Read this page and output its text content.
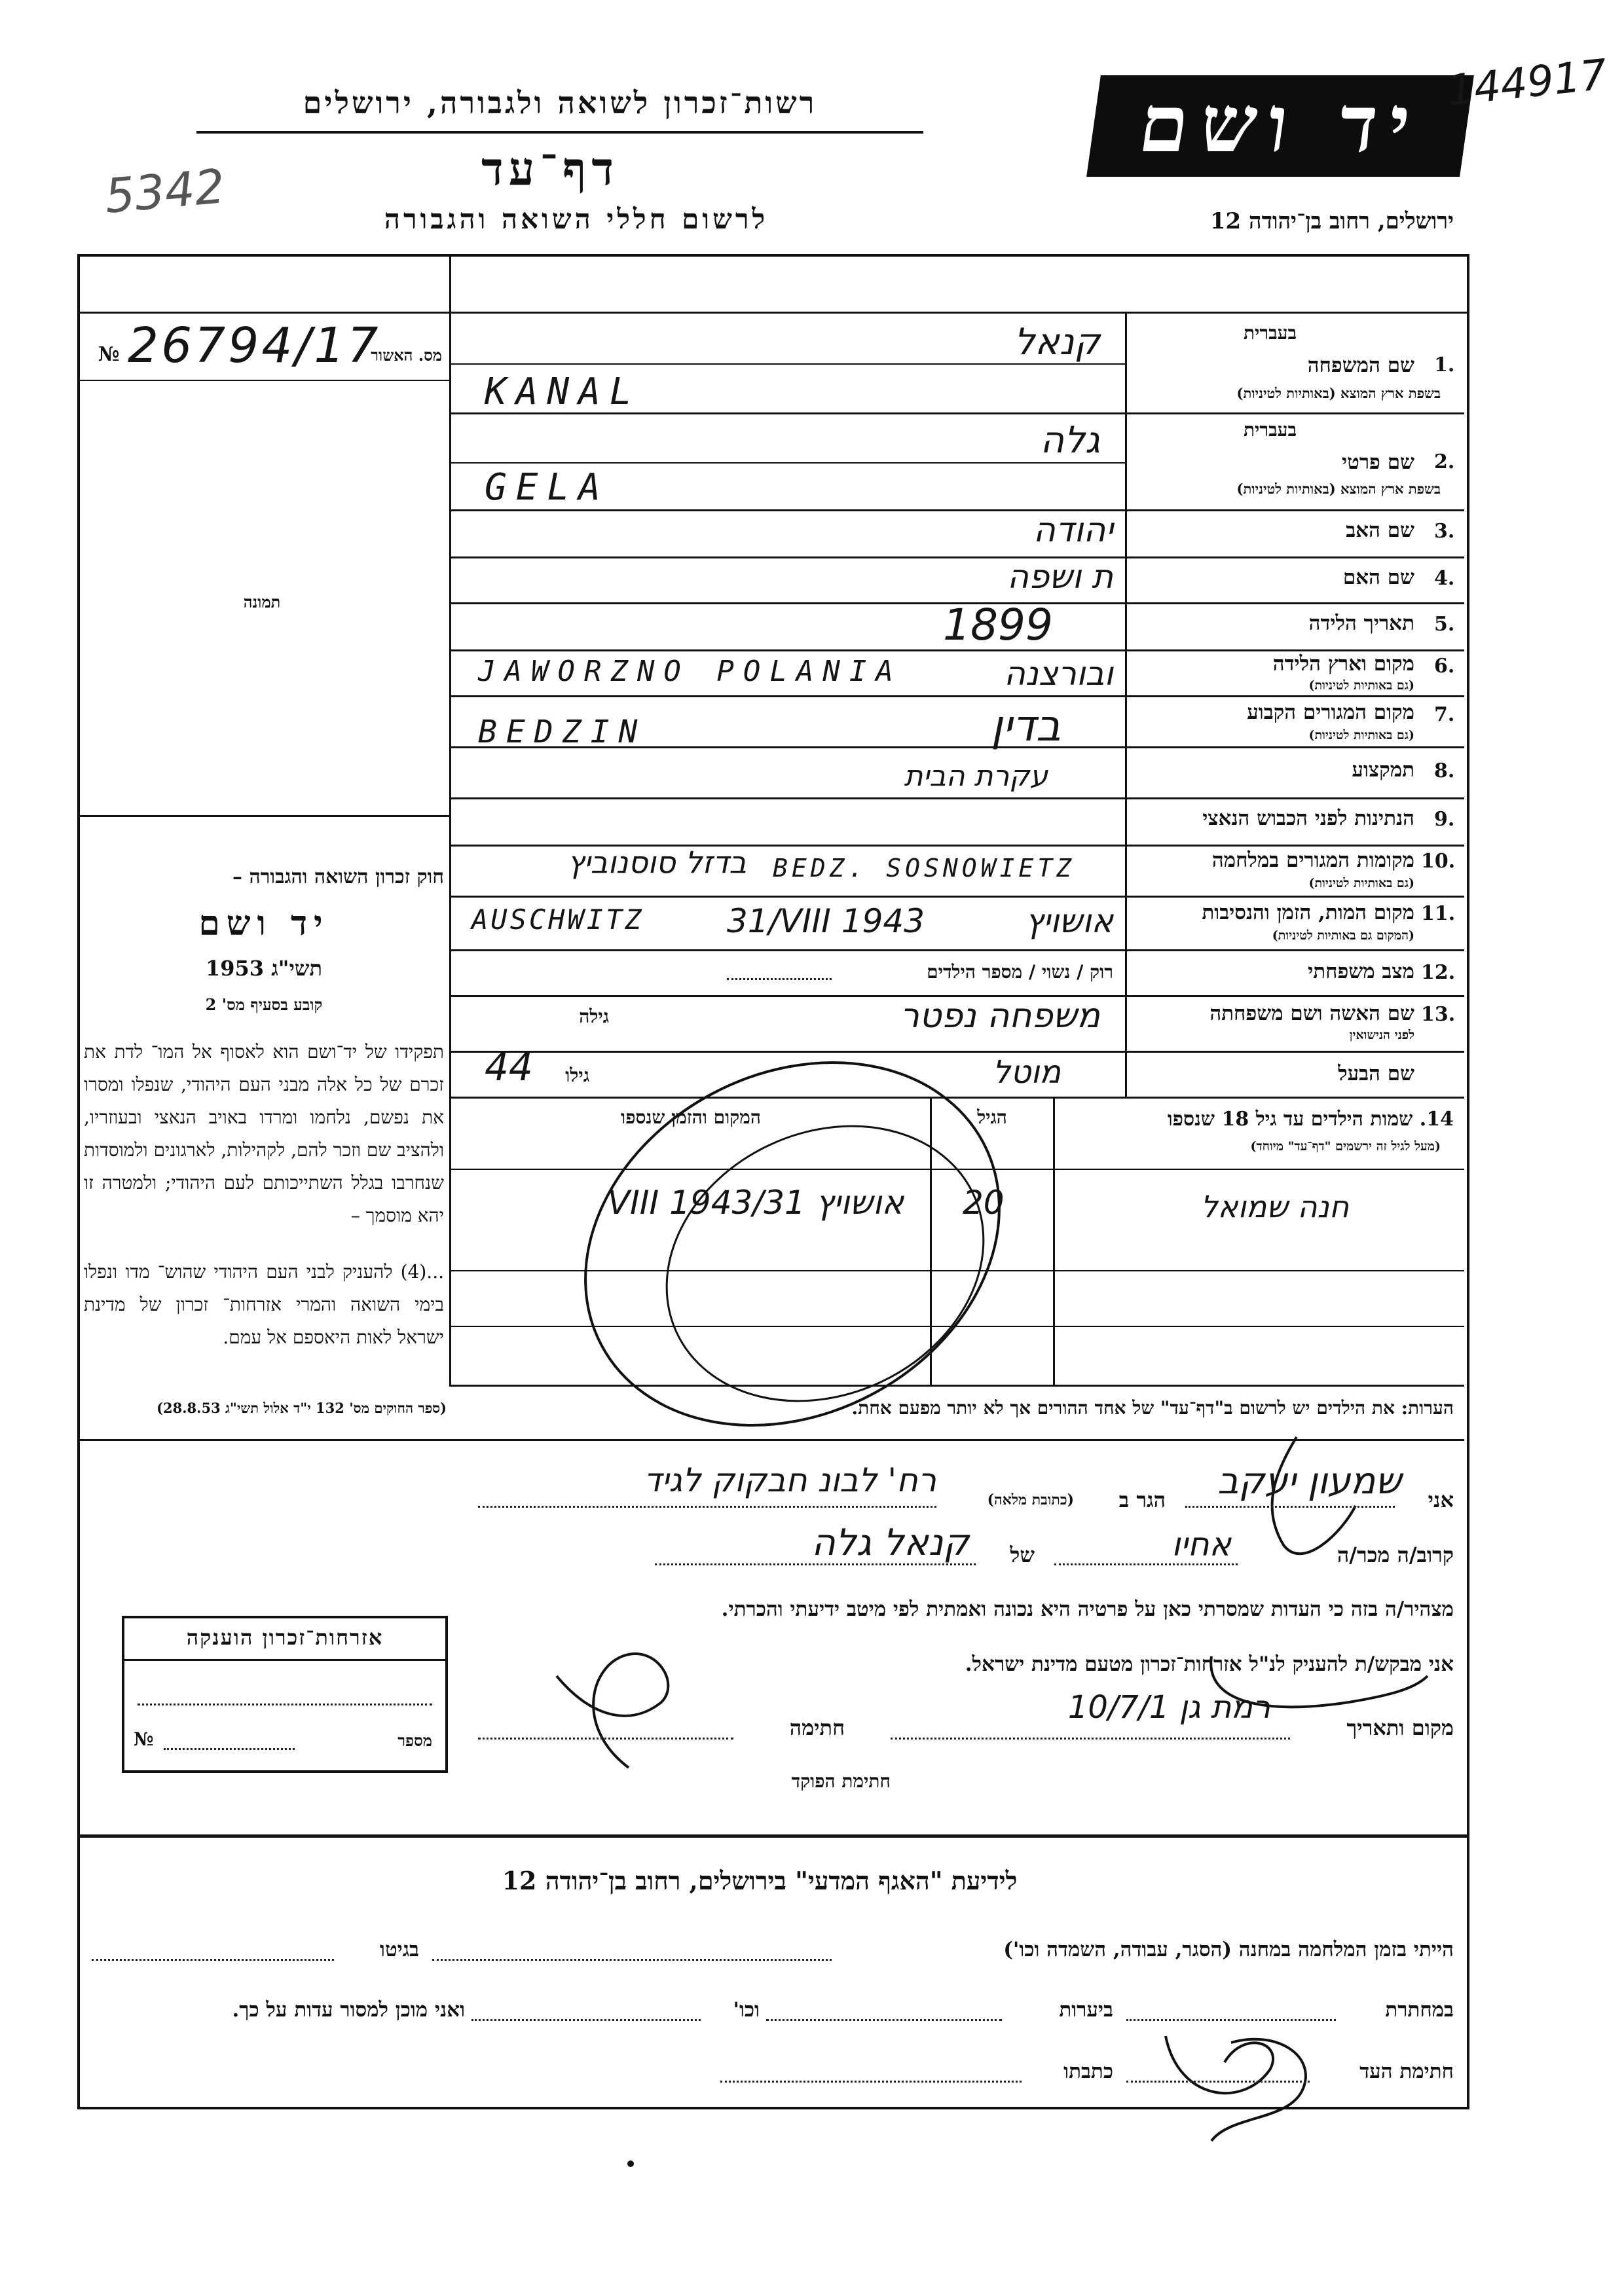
רשות־זכרון לשואה ולגבורה, ירושלים
דף־עד
לרשום חללי השואה והגבורה
יד ושם
ירושלים, רחוב בן־יהודה 12
144917
5342
מס. האשור
№ 26794/17
תמונה
חוק זכרון השואה והגבורה –
יד ושם
תשי"ג 1953
קובע בסעיף מס' 2
תפקידו של יד־ושם הוא לאסוף אל המו־ לדת את זכרם של כל אלה מבני העם היהודי, שנפלו ומסרו את נפשם, נלחמו ומרדו באויב הנאצי ובעוזריו, ולהציב שם וזכר להם, לקהילות, לארגונים ולמוסדות שנחרבו בגלל השתייכותם לעם היהודי; ולמטרה זו יהא מוסמך –
...(4) להעניק לבני העם היהודי שהוש־ מדו ונפלו בימי השואה והמרי אזרחות־ זכרון של מדינת ישראל לאות היאספם אל עמם.
(ספר החוקים מס' 132 י"ד אלול תשי"ג 28.8.53)
בעברית
שם המשפחה 1.
בשפת ארץ המוצא (באותיות לטיניות)
קנאל
KANAL
בעברית
שם פרטי 2.
בשפת ארץ המוצא (באותיות לטיניות)
גלה
GELA
שם האב 3.
יהודה
שם האם 4.
ת ושפה
תאריך הלידה 5.
1899
מקום וארץ הלידה 6.
(גם באותיות לטיניות)
JAWORZNO POLANIA	ובורצנה
מקום המגורים הקבוע 7.
(גם באותיות לטיניות)
BEDZIN	בדין
תמקצוע 8.
עקרת הבית
הנתינות לפני הכבוש הנאצי 9.
מקומות המגורים במלחמה 10.
(גם באותיות לטיניות)
בדזל סוסנוביץ BEDZ. SOSNOWIETZ
מקום המות, הזמן והנסיבות 11.
(המקום גם באותיות לטיניות)
AUSCHWITZ	31/VIII 1943	אושויץ
מצב משפחתי 12.
רוק / נשוי / מספר הילדים
שם האשה ושם משפחתה 13.
לפני הנישואין
גילה	משפחה נפטר
שם הבעל
גילו
44	מוטל
14. שמות הילדים עד גיל 18 שנספו
(מעל לגיל זה ירשמים "דף־עד" מיוחד)
הגיל
המקום והזמן שנספו
חנה שמואל
20
אושויץ 31/VIII 1943
הערות: את הילדים יש לרשום ב"דף־עד" של אחד ההורים אך לא יותר מפעם אחת.
אני
שמעון יעקב
הגר ב
(כתובת מלאה)
רח' לבונ חבקוק לגיד
קרוב/ה מכר/ה
אחיו
של
קנאל גלה
מצהיר/ה בזה כי העדות שמסרתי כאן על פרטיה היא נכונה ואמתית לפי מיטב ידיעתי והכרתי.
אני מבקש/ת להעניק לנ"ל אזרחות־זכרון מטעם מדינת ישראל.
מקום ותאריך
רמת גן 10/7/1
חתימה
חתימת הפוקד
אזרחות־זכרון הוענקה
מספר
№
לידיעת "האגף המדעי" בירושלים, רחוב בן־יהודה 12
הייתי בזמן המלחמה במחנה (הסגר, עבודה, השמדה וכו')
בגיטו
במחתרת
ביערות
וכו'
ואני מוכן למסור עדות על כך.
חתימת העד
כתבתו
